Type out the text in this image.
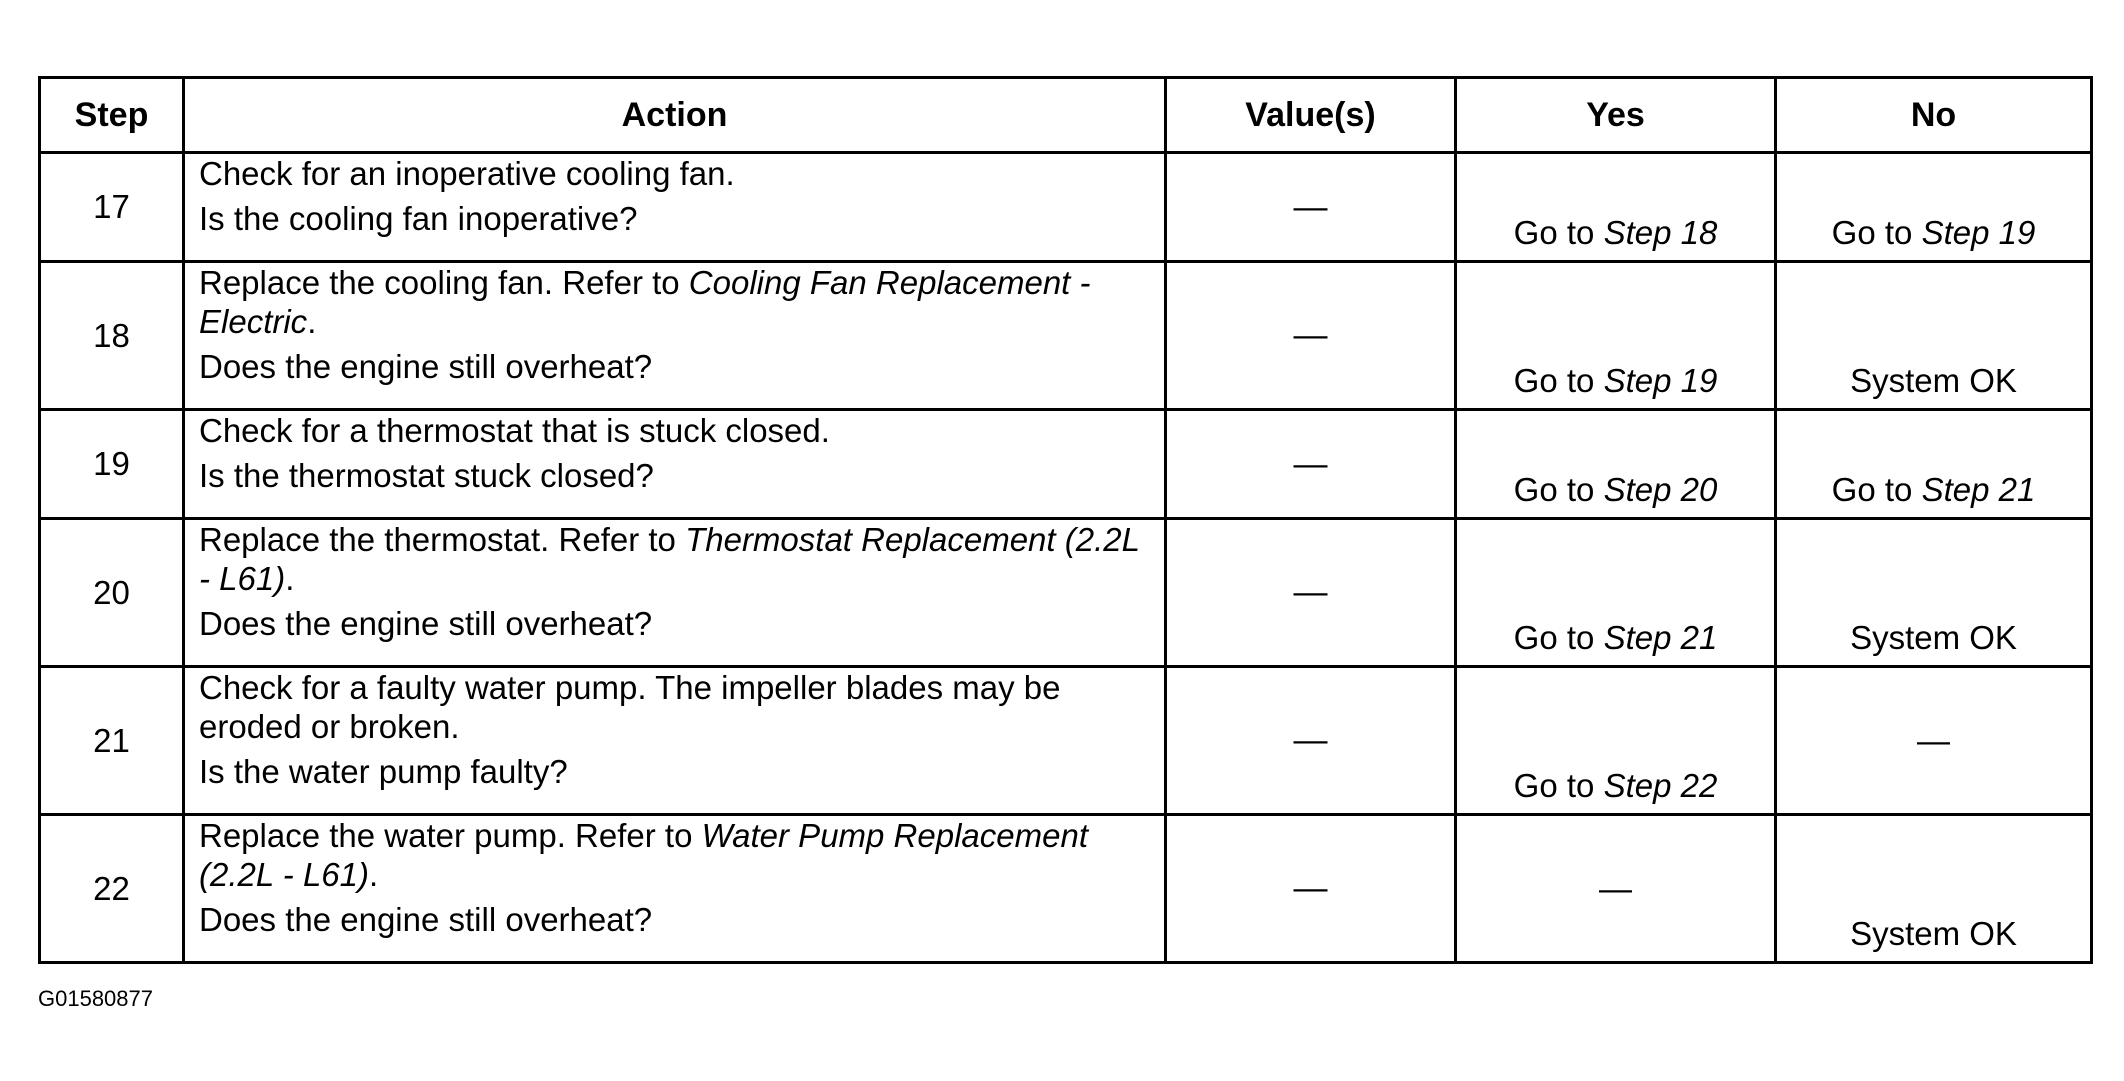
Step	Action	Value(s)	Yes	No
17	Check for an inoperative cooling fan.
Is the cooling fan inoperative?	—	Go to Step 18	Go to Step 19
18	Replace the cooling fan. Refer to Cooling Fan Replacement - Electric.
Does the engine still overheat?	—	Go to Step 19	System OK
19	Check for a thermostat that is stuck closed.
Is the thermostat stuck closed?	—	Go to Step 20	Go to Step 21
20	Replace the thermostat. Refer to Thermostat Replacement (2.2L - L61).
Does the engine still overheat?	—	Go to Step 21	System OK
21	Check for a faulty water pump. The impeller blades may be eroded or broken.
Is the water pump faulty?	—	Go to Step 22	—
22	Replace the water pump. Refer to Water Pump Replacement (2.2L - L61).
Does the engine still overheat?	—	—	System OK
G01580877
